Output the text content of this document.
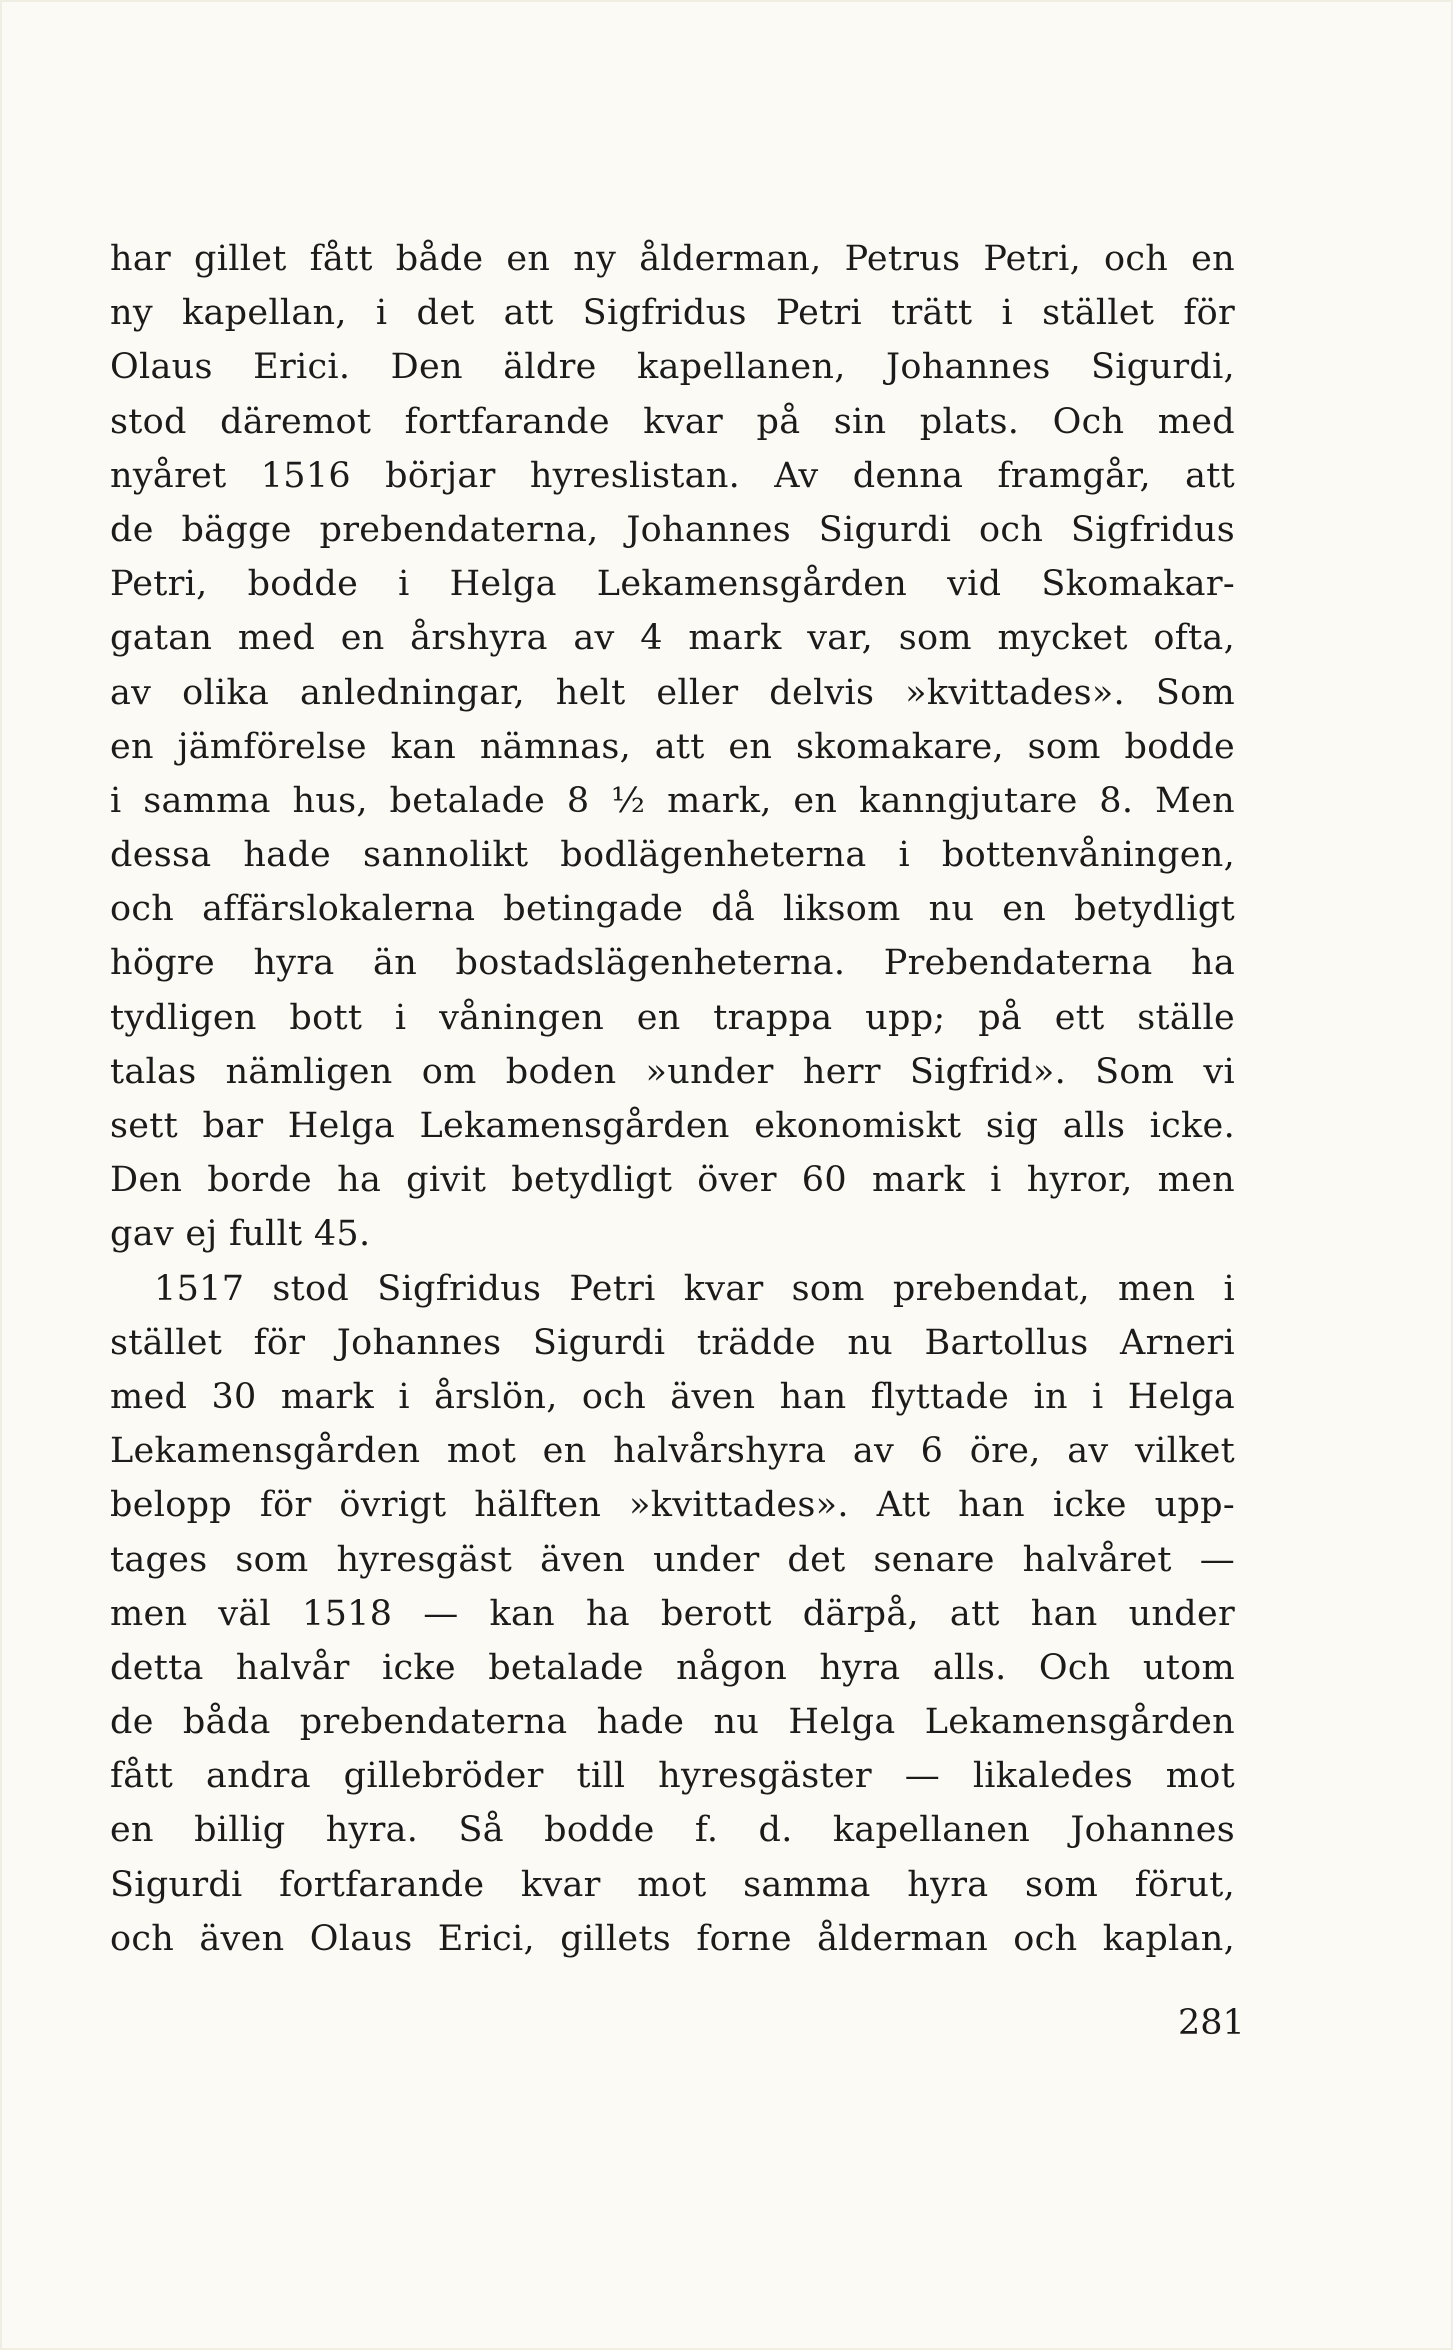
har gillet fått både en ny ålderman, Petrus Petri, och en
ny kapellan, i det att Sigfridus Petri trätt i stället för
Olaus Erici. Den äldre kapellanen, Johannes Sigurdi,
stod däremot fortfarande kvar på sin plats. Och med
nyåret 1516 börjar hyreslistan. Av denna framgår, att
de bägge prebendaterna, Johannes Sigurdi och Sigfridus
Petri, bodde i Helga Lekamensgården vid Skomakar-
gatan med en årshyra av 4 mark var, som mycket ofta,
av olika anledningar, helt eller delvis »kvittades». Som
en jämförelse kan nämnas, att en skomakare, som bodde
i samma hus, betalade 8 ½ mark, en kanngjutare 8. Men
dessa hade sannolikt bodlägenheterna i bottenvåningen,
och affärslokalerna betingade då liksom nu en betydligt
högre hyra än bostadslägenheterna. Prebendaterna ha
tydligen bott i våningen en trappa upp; på ett ställe
talas nämligen om boden »under herr Sigfrid». Som vi
sett bar Helga Lekamensgården ekonomiskt sig alls icke.
Den borde ha givit betydligt över 60 mark i hyror, men
gav ej fullt 45.
1517 stod Sigfridus Petri kvar som prebendat, men i
stället för Johannes Sigurdi trädde nu Bartollus Arneri
med 30 mark i årslön, och även han flyttade in i Helga
Lekamensgården mot en halvårshyra av 6 öre, av vilket
belopp för övrigt hälften »kvittades». Att han icke upp-
tages som hyresgäst även under det senare halvåret —
men väl 1518 — kan ha berott därpå, att han under
detta halvår icke betalade någon hyra alls. Och utom
de båda prebendaterna hade nu Helga Lekamensgården
fått andra gillebröder till hyresgäster — likaledes mot
en billig hyra. Så bodde f. d. kapellanen Johannes
Sigurdi fortfarande kvar mot samma hyra som förut,
och även Olaus Erici, gillets forne ålderman och kaplan,
281
